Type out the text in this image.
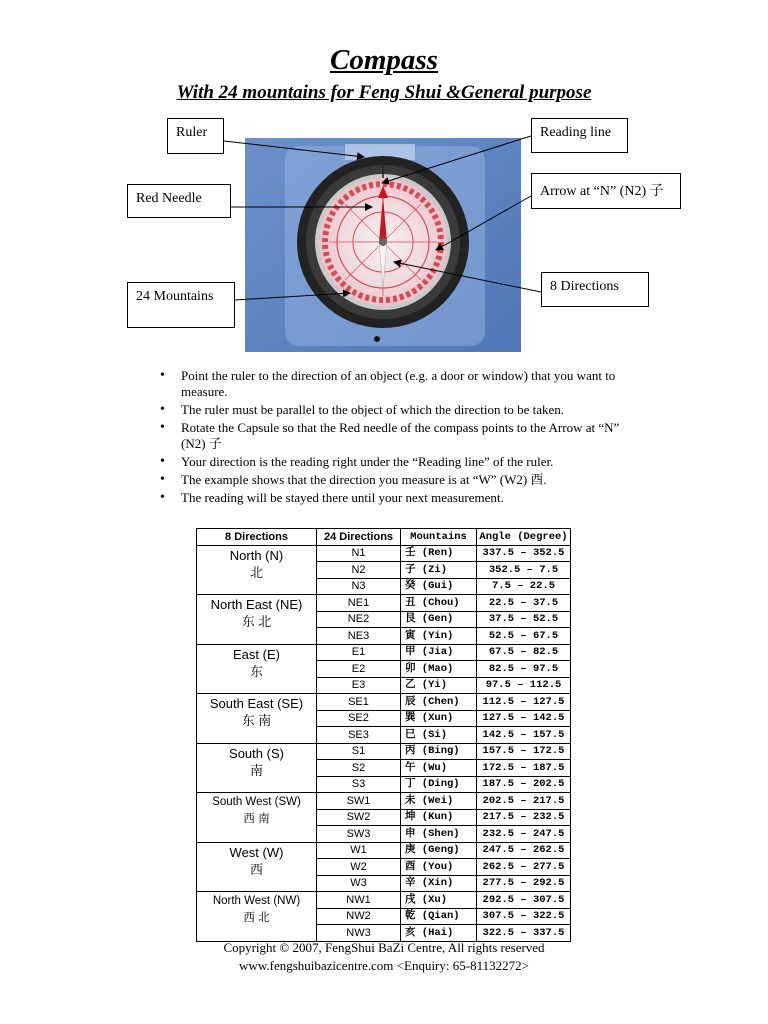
Compass
With 24 mountains for Feng Shui &General purpose
Ruler	Reading line
Red Needle	Arrow at “N” (N2) 子
24 Mountains
8 Directions
• Point the ruler to the direction of an object (e.g. a door or window) that you want to measure.
• The ruler must be parallel to the object of which the direction to be taken.
• Rotate the Capsule so that the Red needle of the compass points to the Arrow at “N” (N2) 子
• Your direction is the reading right under the “Reading line” of the ruler.
• The example shows that the direction you measure is at “W” (W2) 酉.
• The reading will be stayed there until your next measurement.
8 Directions	24 Directions	Mountains	Angle (Degree)

North (N)
北	N1	壬 (Ren)	337.5 – 352.5
	N2	子 (Zi)	352.5 – 7.5
	N3	癸 (Gui)	7.5 – 22.5

North East (NE)
东 北	NE1	丑 (Chou)	22.5 – 37.5
	NE2	艮 (Gen)	37.5 – 52.5
	NE3	寅 (Yin)	52.5 – 67.5

East (E)
东	E1	甲 (Jia)	67.5 – 82.5
	E2	卯 (Mao)	82.5 – 97.5
	E3	乙 (Yi)	97.5 – 112.5

South East (SE)
东 南	SE1	辰 (Chen)	112.5 – 127.5
	SE2	巽 (Xun)	127.5 – 142.5
	SE3	巳 (Si)	142.5 – 157.5

South (S)
南	S1	丙 (Bing)	157.5 – 172.5
	S2	午 (Wu)	172.5 – 187.5
	S3	丁 (Ding)	187.5 – 202.5

South West (SW)
西 南	SW1	未 (Wei)	202.5 – 217.5
	SW2	坤 (Kun)	217.5 – 232.5
	SW3	申 (Shen)	232.5 – 247.5

West (W)
西	W1	庚 (Geng)	247.5 – 262.5
	W2	酉 (You)	262.5 – 277.5
	W3	辛 (Xin)	277.5 – 292.5

North West (NW)
西 北	NW1	戌 (Xu)	292.5 – 307.5
	NW2	乾 (Qian)	307.5 – 322.5
	NW3	亥 (Hai)	322.5 – 337.5
Copyright © 2007, FengShui BaZi Centre, All rights reserved
www.fengshuibazicentre.com <Enquiry: 65-81132272>
